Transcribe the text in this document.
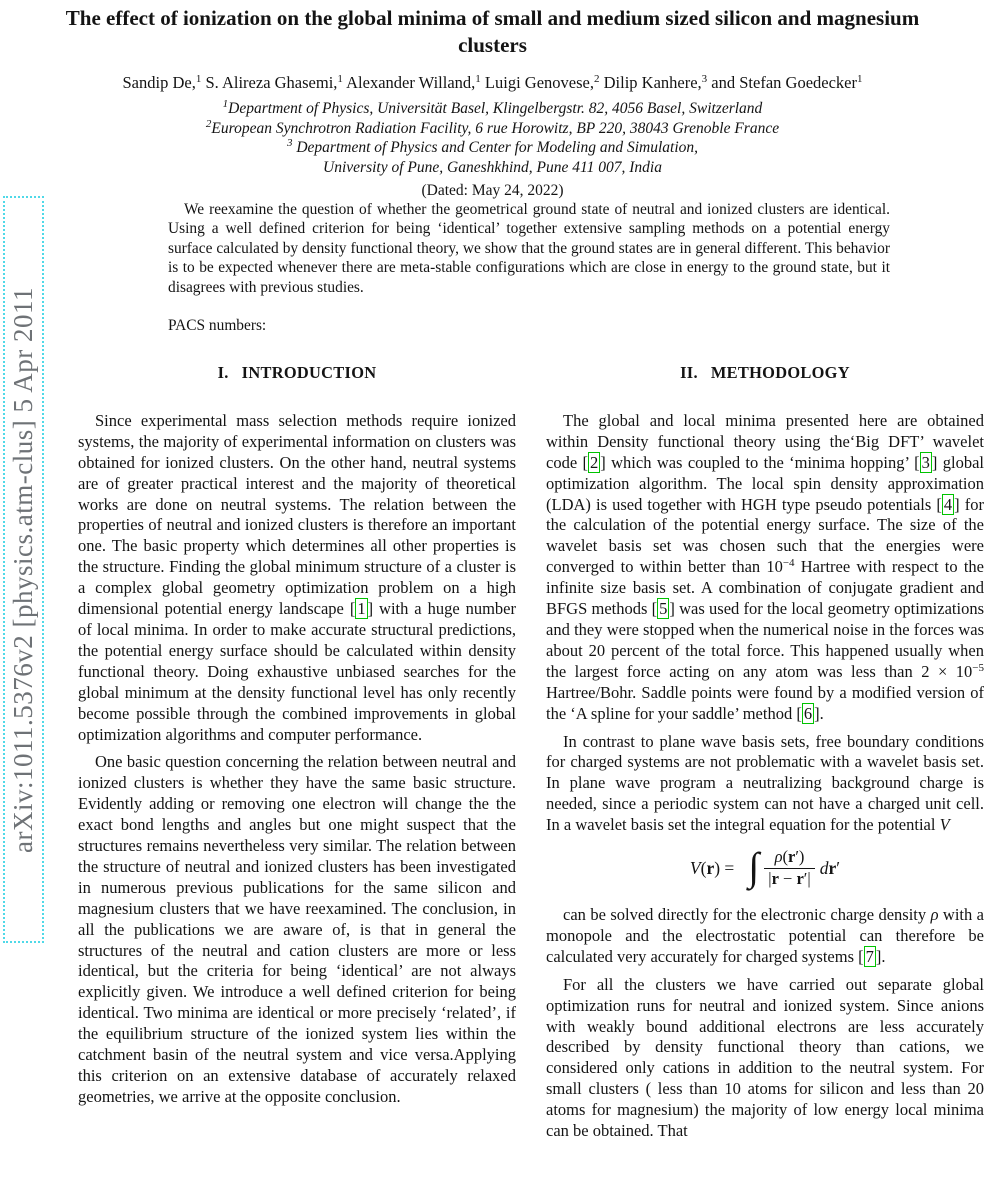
arXiv:1011.5376v2 [physics.atm-clus] 5 Apr 2011
The effect of ionization on the global minima of small and medium sized silicon and magnesium clusters
Sandip De,$^1$ S. Alireza Ghasemi,$^1$ Alexander Willand,$^1$ Luigi Genovese,$^2$ Dilip Kanhere,$^3$ and Stefan Goedecker$^1$

$^1$Department of Physics, Universität Basel, Klingelbergstr. 82, 4056 Basel, Switzerland

$^2$European Synchrotron Radiation Facility, 6 rue Horowitz, BP 220, 38043 Grenoble France

$^3$ Department of Physics and Center for Modeling and Simulation,

University of Pune, Ganeshkhind, Pune 411 007, India

(Dated: May 24, 2022)

We reexamine the question of whether the geometrical ground state of neutral and ionized clusters are identical. Using a well defined criterion for being ‘identical’ together extensive sampling methods on a potential energy surface calculated by density functional theory, we show that the ground states are in general different. This behavior is to be expected whenever there are meta-stable configurations which are close in energy to the ground state, but it disagrees with previous studies.

PACS numbers:
I. INTRODUCTION

Since experimental mass selection methods require ionized systems, the majority of experimental information on clusters was obtained for ionized clusters. On the other hand, neutral systems are of greater practical interest and the majority of theoretical works are done on neutral systems. The relation between the properties of neutral and ionized clusters is therefore an important one. The basic property which determines all other properties is the structure. Finding the global minimum structure of a cluster is a complex global geometry optimization problem on a high dimensional potential energy landscape [ 1 ] with a huge number of local minima. In order to make accurate structural predictions, the potential energy surface should be calculated within density functional theory. Doing exhaustive unbiased searches for the global minimum at the density functional level has only recently become possible through the combined improvements in global optimization algorithms and computer performance.

One basic question concerning the relation between neutral and ionized clusters is whether they have the same basic structure. Evidently adding or removing one electron will change the the exact bond lengths and angles but one might suspect that the structures remains nevertheless very similar. The relation between the structure of neutral and ionized clusters has been investigated in numerous previous publications for the same silicon and magnesium clusters that we have reexamined. The conclusion, in all the publications we are aware of, is that in general the structures of the neutral and cation clusters are more or less identical, but the criteria for being ‘identical’ are not always explicitly given. We introduce a well defined criterion for being identical. Two minima are identical or more precisely ‘related’, if the equilibrium structure of the ionized system lies within the catchment basin of the neutral system and vice versa.Applying this criterion on an extensive database of accurately relaxed geometries, we arrive at the opposite conclusion.

II. METHODOLOGY

The global and local minima presented here are obtained within Density functional theory using the‘Big DFT’ wavelet code [ 2 ] which was coupled to the ‘minima hopping’ [ 3 ] global optimization algorithm. The local spin density approximation (LDA) is used together with HGH type pseudo potentials [ 4 ] for the calculation of the potential energy surface. The size of the wavelet basis set was chosen such that the energies were converged to within better than $10^{-4}$ Hartree with respect to the infinite size basis set. A combination of conjugate gradient and BFGS methods [ 5 ] was used for the local geometry optimizations and they were stopped when the numerical noise in the forces was about 20 percent of the total force. This happened usually when the largest force acting on any atom was less than $2 \times 10^{-5}$ Hartree/Bohr. Saddle points were found by a modified version of the ‘A spline for your saddle’ method [ 6 ].

In contrast to plane wave basis sets, free boundary conditions for charged systems are not problematic with a wavelet basis set. In plane wave program a neutralizing background charge is needed, since a periodic system can not have a charged unit cell. In a wavelet basis set the integral equation for the potential V

V(r) = ∫ $\frac{\rho(r')}{|r - r'|} dr'$

can be solved directly for the electronic charge density ρ with a monopole and the electrostatic potential can therefore be calculated very accurately for charged systems [ 7 ].

For all the clusters we have carried out separate global optimization runs for neutral and ionized system. Since anions with weakly bound additional electrons are less accurately described by density functional theory than cations, we considered only cations in addition to the neutral system. For small clusters ( less than 10 atoms for silicon and less than 20 atoms for magnesium) the majority of low energy local minima can be obtained. That
